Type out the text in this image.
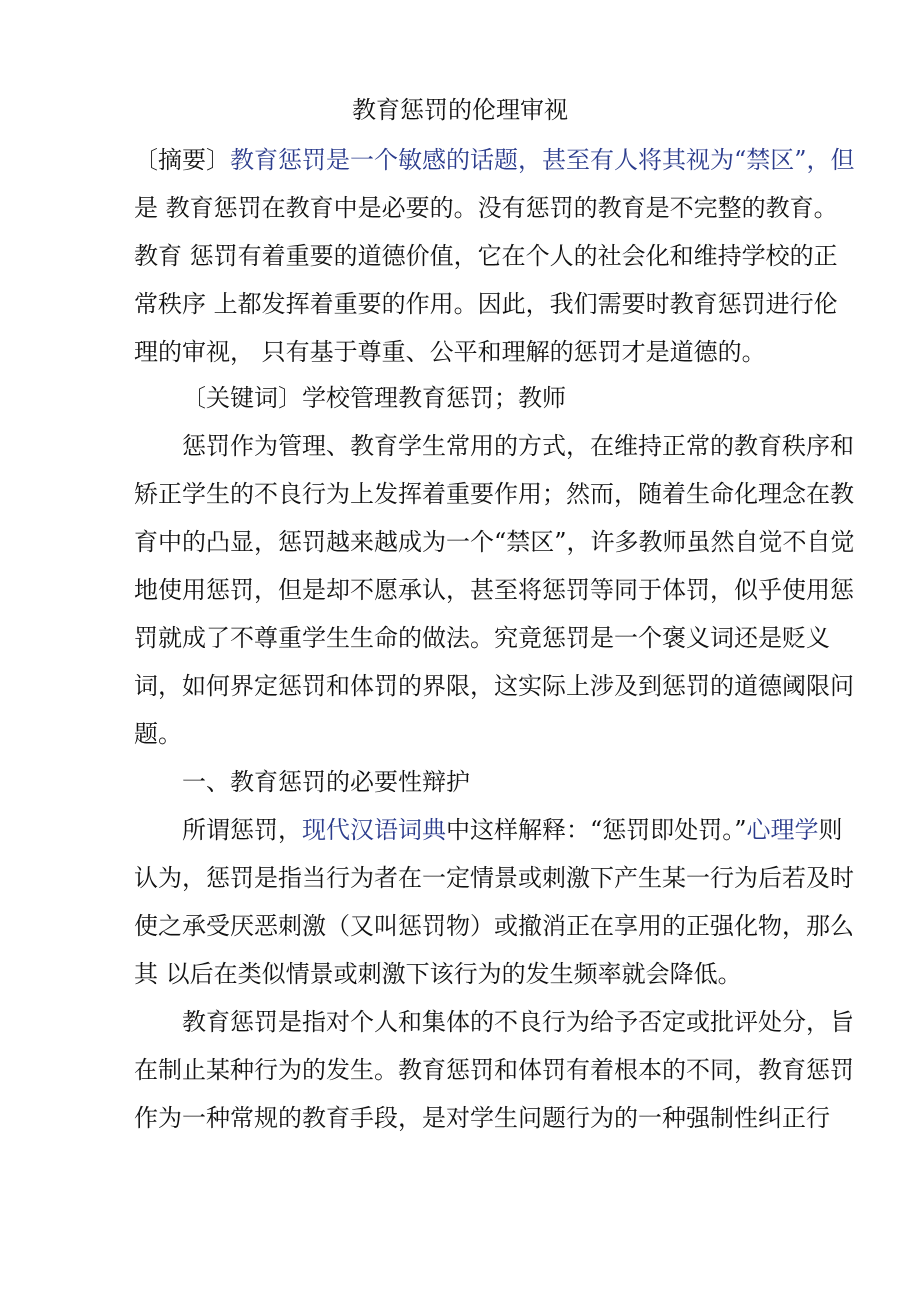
教育惩罚的伦理审视
〔摘要〕教育惩罚是一个敏感的话题，甚至有人将其视为“禁区”，但
是 教育惩罚在教育中是必要的。没有惩罚的教育是不完整的教育。
教育 惩罚有着重要的道德价值，它在个人的社会化和维持学校的正
常秩序 上都发挥着重要的作用。因此，我们需要时教育惩罚进行伦
理的审视， 只有基于尊重、公平和理解的惩罚才是道德的。
〔关键词〕学校管理教育惩罚；教师
惩罚作为管理、教育学生常用的方式，在维持正常的教育秩序和
矫正学生的不良行为上发挥着重要作用；然而，随着生命化理念在教
育中的凸显，惩罚越来越成为一个“禁区”，许多教师虽然自觉不自觉
地使用惩罚，但是却不愿承认，甚至将惩罚等同于体罚，似乎使用惩
罚就成了不尊重学生生命的做法。究竟惩罚是一个褒义词还是贬义
词，如何界定惩罚和体罚的界限，这实际上涉及到惩罚的道德阈限问
题。
一、教育惩罚的必要性辩护
所谓惩罚，现代汉语词典中这样解释：“惩罚即处罚。”心理学则
认为，惩罚是指当行为者在一定情景或刺激下产生某一行为后若及时
使之承受厌恶刺激（又叫惩罚物）或撤消正在享用的正强化物，那么
其 以后在类似情景或刺激下该行为的发生频率就会降低。
教育惩罚是指对个人和集体的不良行为给予否定或批评处分，旨
在制止某种行为的发生。教育惩罚和体罚有着根本的不同，教育惩罚
作为一种常规的教育手段，是对学生问题行为的一种强制性纠正行
